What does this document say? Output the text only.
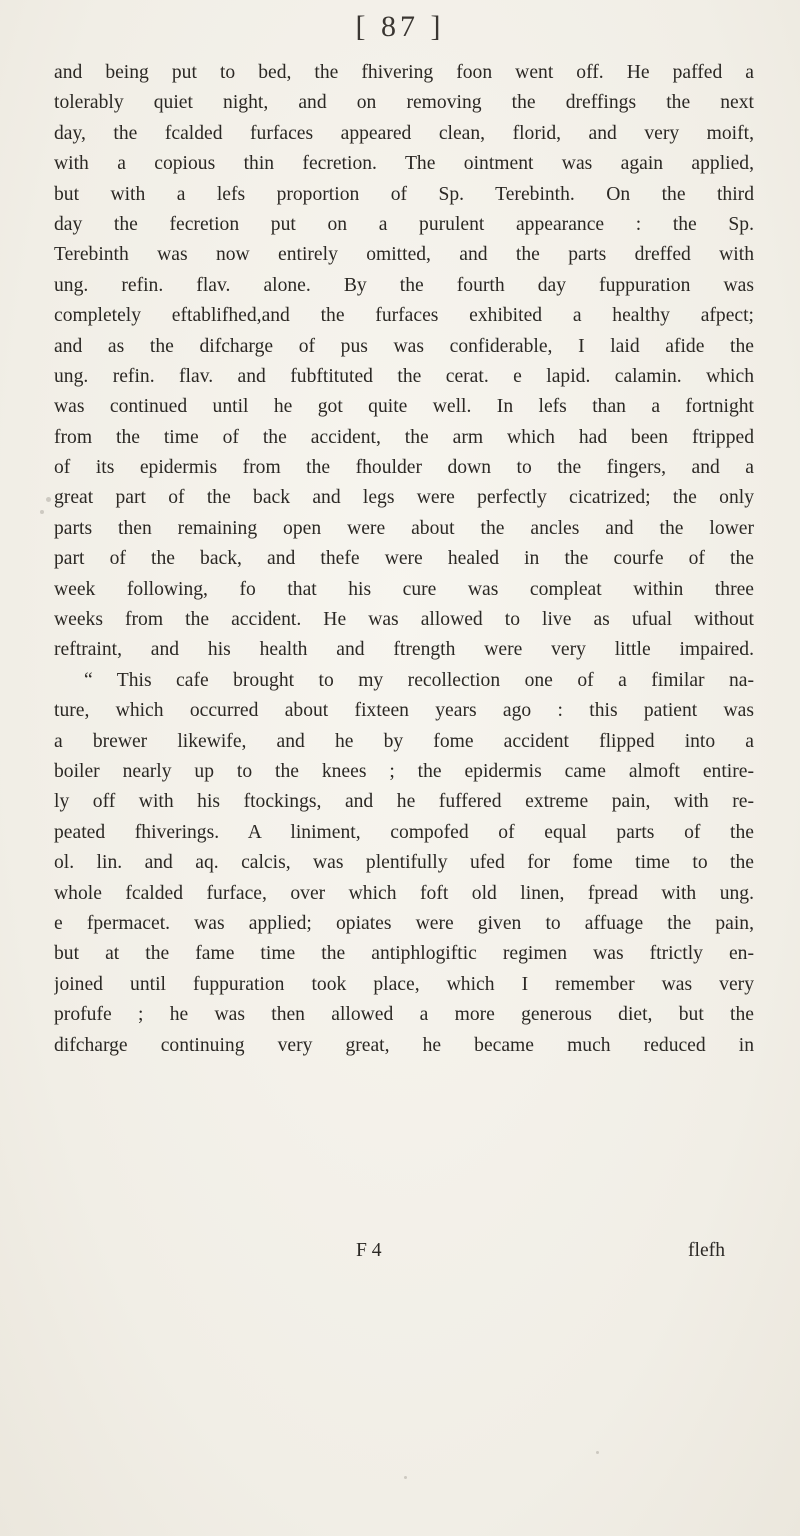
[ 87 ]
and being put to bed, the fhivering foon went off. He paffed a
tolerably quiet night, and on removing the dreffings the next
day, the fcalded furfaces appeared clean, florid, and very moift,
with a copious thin fecretion. The ointment was again applied,
but with a lefs proportion of Sp. Terebinth. On the third
day the fecretion put on a purulent appearance : the Sp.
Terebinth was now entirely omitted, and the parts dreffed with
ung. refin. flav. alone. By the fourth day fuppuration was
completely eftablifhed,and the furfaces exhibited a healthy afpect;
and as the difcharge of pus was confiderable, I laid afide the
ung. refin. flav. and fubftituted the cerat. e lapid. calamin. which
was continued until he got quite well. In lefs than a fortnight
from the time of the accident, the arm which had been ftripped
of its epidermis from the fhoulder down to the fingers, and a
great part of the back and legs were perfectly cicatrized; the only
parts then remaining open were about the ancles and the lower
part of the back, and thefe were healed in the courfe of the
week following, fo that his cure was compleat within three
weeks from the accident. He was allowed to live as ufual without
reftraint, and his health and ftrength were very little impaired.
“ This cafe brought to my recollection one of a fimilar na-
ture, which occurred about fixteen years ago : this patient was
a brewer likewife, and he by fome accident flipped into a
boiler nearly up to the knees ; the epidermis came almoft entire-
ly off with his ftockings, and he fuffered extreme pain, with re-
peated fhiverings. A liniment, compofed of equal parts of the
ol. lin. and aq. calcis, was plentifully ufed for fome time to the
whole fcalded furface, over which foft old linen, fpread with ung.
e fpermacet. was applied; opiates were given to affuage the pain,
but at the fame time the antiphlogiftic regimen was ftrictly en-
joined until fuppuration took place, which I remember was very
profufe ; he was then allowed a more generous diet, but the
difcharge continuing very great, he became much reduced in
F 4	flefh
